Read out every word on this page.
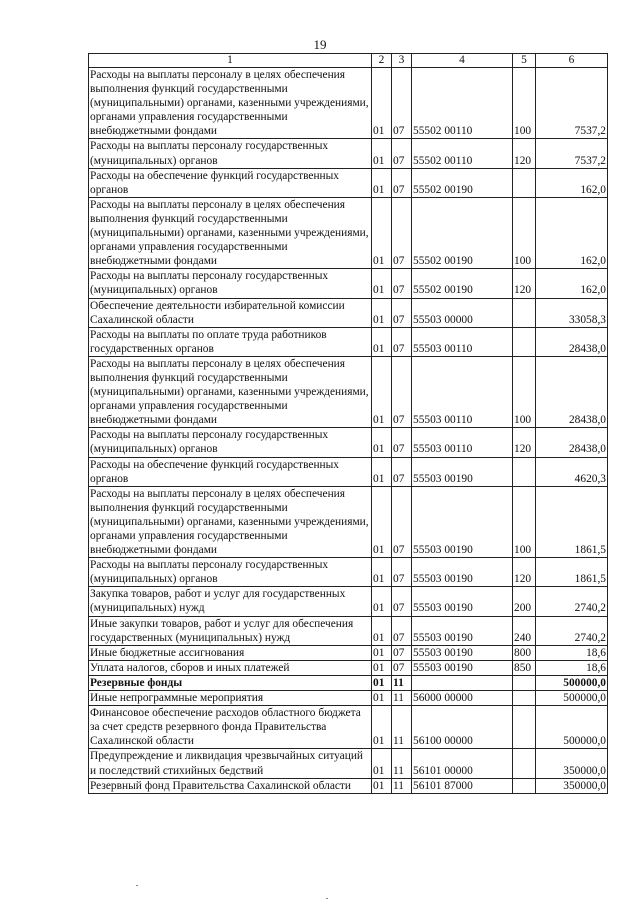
19
1	2	3	4	5	6
Расходы на выплаты персоналу в целях обеспечения выполнения функций государственными (муниципальными) органами, казенными учреждениями, органами управления государственными внебюджетными фондами	01	07	55502 00110	100	7537,2
Расходы на выплаты персоналу государственных (муниципальных) органов	01	07	55502 00110	120	7537,2
Расходы на обеспечение функций государственных органов	01	07	55502 00190		162,0
Расходы на выплаты персоналу в целях обеспечения выполнения функций государственными (муниципальными) органами, казенными учреждениями, органами управления государственными внебюджетными фондами	01	07	55502 00190	100	162,0
Расходы на выплаты персоналу государственных (муниципальных) органов	01	07	55502 00190	120	162,0
Обеспечение деятельности избирательной комиссии Сахалинской области	01	07	55503 00000		33058,3
Расходы на выплаты по оплате труда работников государственных органов	01	07	55503 00110		28438,0
Расходы на выплаты персоналу в целях обеспечения выполнения функций государственными (муниципальными) органами, казенными учреждениями, органами управления государственными внебюджетными фондами	01	07	55503 00110	100	28438,0
Расходы на выплаты персоналу государственных (муниципальных) органов	01	07	55503 00110	120	28438,0
Расходы на обеспечение функций государственных органов	01	07	55503 00190		4620,3
Расходы на выплаты персоналу в целях обеспечения выполнения функций государственными (муниципальными) органами, казенными учреждениями, органами управления государственными внебюджетными фондами	01	07	55503 00190	100	1861,5
Расходы на выплаты персоналу государственных (муниципальных) органов	01	07	55503 00190	120	1861,5
Закупка товаров, работ и услуг для государственных (муниципальных) нужд	01	07	55503 00190	200	2740,2
Иные закупки товаров, работ и услуг для обеспечения государственных (муниципальных) нужд	01	07	55503 00190	240	2740,2
Иные бюджетные ассигнования	01	07	55503 00190	800	18,6
Уплата налогов, сборов и иных платежей	01	07	55503 00190	850	18,6
Резервные фонды	01	11			500000,0
Иные непрограммные мероприятия	01	11	56000 00000		500000,0
Финансовое обеспечение расходов областного бюджета за счет средств резервного фонда Правительства Сахалинской области	01	11	56100 00000		500000,0
Предупреждение и ликвидация чрезвычайных ситуаций и последствий стихийных бедствий	01	11	56101 00000		350000,0
Резервный фонд Правительства Сахалинской области	01	11	56101 87000		350000,0
